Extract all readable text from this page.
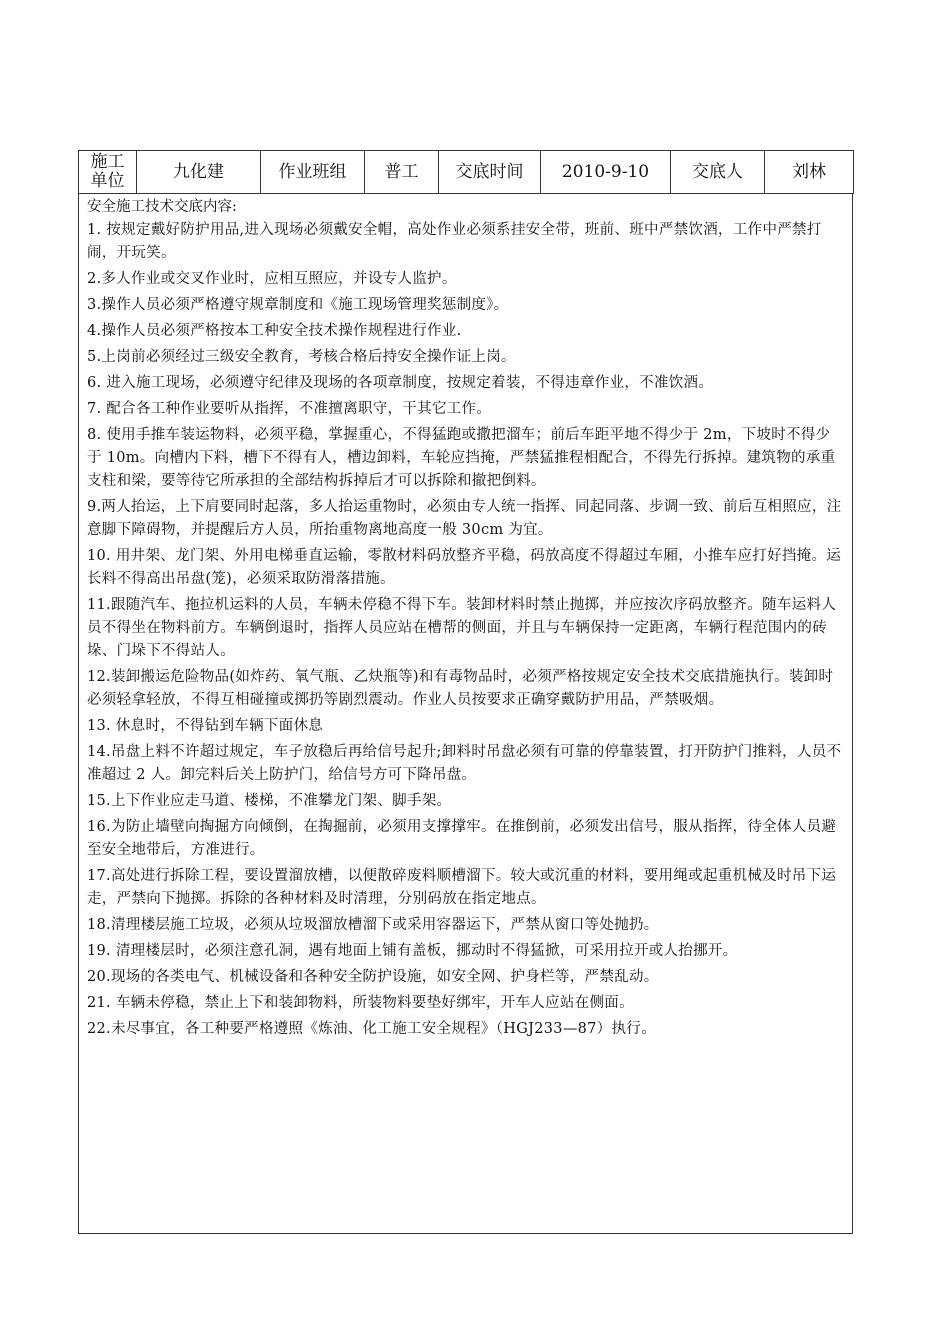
施工
单位	九化建	作业班组	普工	交底时间	2010-9-10	交底人	刘林

安全施工技术交底内容:

1. 按规定戴好防护用品,进入现场必须戴安全帽，高处作业必须系挂安全带，班前、班中严禁饮酒，工作中严禁打闹，开玩笑。

2.多人作业或交叉作业时，应相互照应，并设专人监护。

3.操作人员必须严格遵守规章制度和《施工现场管理奖惩制度》。

4.操作人员必须严格按本工种安全技术操作规程进行作业.

5.上岗前必须经过三级安全教育，考核合格后持安全操作证上岗。

6. 进入施工现场，必须遵守纪律及现场的各项章制度，按规定着装，不得违章作业，不准饮酒。

7. 配合各工种作业要听从指挥，不准擅离职守，干其它工作。

8. 使用手推车装运物料，必须平稳，掌握重心，不得猛跑或撒把溜车；前后车距平地不得少于 2m，下坡时不得少于 10m。向槽内下料，槽下不得有人，槽边卸料，车轮应挡掩，严禁猛推程相配合，不得先行拆掉。建筑物的承重支柱和梁，要等待它所承担的全部结构拆掉后才可以拆除和撤把倒料。

9.两人抬运，上下肩要同时起落，多人抬运重物时，必须由专人统一指挥、同起同落、步调一致、前后互相照应，注意脚下障碍物，并提醒后方人员，所抬重物离地高度一般 30cm 为宜。

10. 用井架、龙门架、外用电梯垂直运输，零散材料码放整齐平稳，码放高度不得超过车厢，小推车应打好挡掩。运长料不得高出吊盘(笼)，必须采取防滑落措施。

11.跟随汽车、拖拉机运料的人员，车辆未停稳不得下车。装卸材料时禁止抛掷，并应按次序码放整齐。随车运料人员不得坐在物料前方。车辆倒退时，指挥人员应站在槽帮的侧面，并且与车辆保持一定距离，车辆行程范围内的砖垛、门垛下不得站人。

12.装卸搬运危险物品(如炸药、氧气瓶、乙炔瓶等)和有毒物品时，必须严格按规定安全技术交底措施执行。装卸时必须轻拿轻放，不得互相碰撞或掷扔等剧烈震动。作业人员按要求正确穿戴防护用品，严禁吸烟。

13. 休息时，不得钻到车辆下面休息

14.吊盘上料不许超过规定，车子放稳后再给信号起升;卸料时吊盘必须有可靠的停靠装置，打开防护门推料，人员不准超过 2 人。卸完料后关上防护门，给信号方可下降吊盘。

15.上下作业应走马道、楼梯，不准攀龙门架、脚手架。

16.为防止墙壁向掏掘方向倾倒，在掏掘前，必须用支撑撑牢。在推倒前，必须发出信号，服从指挥，待全体人员避至安全地带后，方准进行。

17.高处进行拆除工程，要设置溜放槽，以便散碎废料顺槽溜下。较大或沉重的材料，要用绳或起重机械及时吊下运走，严禁向下抛掷。拆除的各种材料及时清理，分别码放在指定地点。

18.清理楼层施工垃圾，必须从垃圾溜放槽溜下或采用容器运下，严禁从窗口等处抛扔。

19. 清理楼层时，必须注意孔洞，遇有地面上铺有盖板，挪动时不得猛掀，可采用拉开或人抬挪开。

20.现场的各类电气、机械设备和各种安全防护设施，如安全网、护身栏等，严禁乱动。

21. 车辆未停稳，禁止上下和装卸物料，所装物料要垫好绑牢，开车人应站在侧面。

22.未尽事宜，各工种要严格遵照《炼油、化工施工安全规程》（HGJ233—87）执行。
